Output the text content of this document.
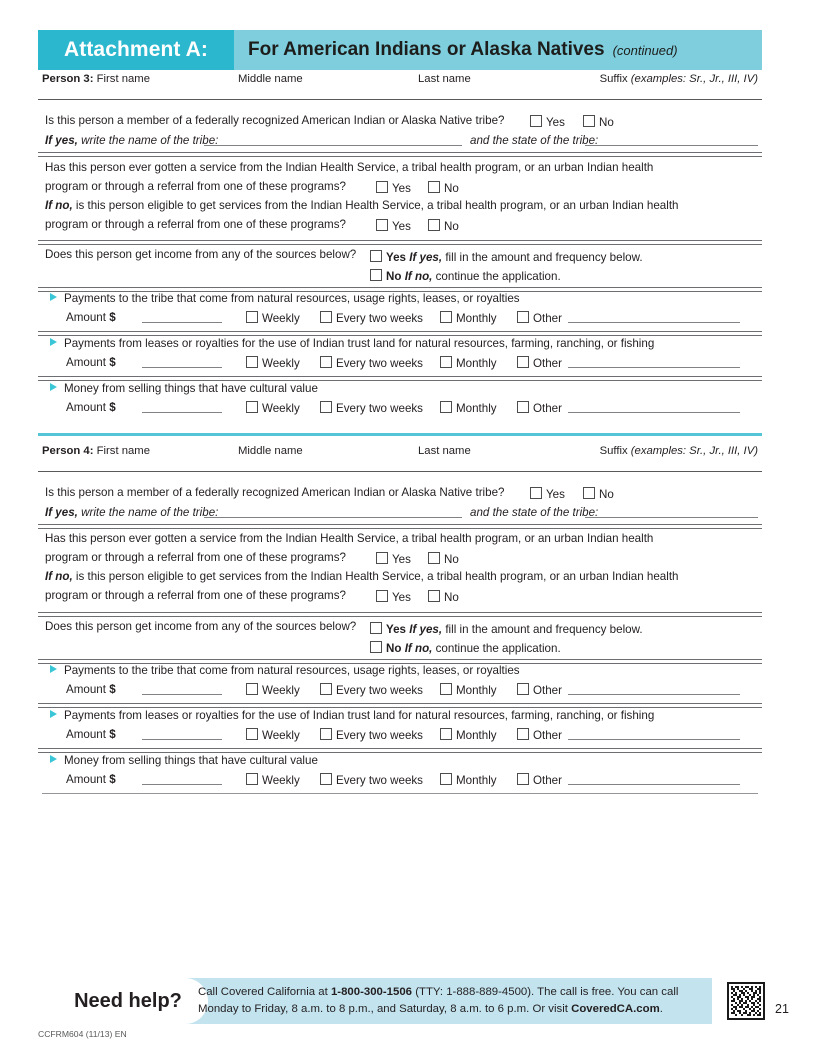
Attachment A: For American Indians or Alaska Natives (continued)
Person 3: First name	Middle name	Last name	Suffix (examples: Sr., Jr., III, IV)
Is this person a member of a federally recognized American Indian or Alaska Native tribe?	Yes	No
If yes, write the name of the tribe:	and the state of the tribe:
Has this person ever gotten a service from the Indian Health Service, a tribal health program, or an urban Indian health
program or through a referral from one of these programs?	Yes	No
If no, is this person eligible to get services from the Indian Health Service, a tribal health program, or an urban Indian health
program or through a referral from one of these programs?	Yes	No
Does this person get income from any of the sources below?	Yes If yes, fill in the amount and frequency below.
No If no, continue the application.
Payments to the tribe that come from natural resources, usage rights, leases, or royalties
Amount $	Weekly	Every two weeks	Monthly	Other
Payments from leases or royalties for the use of Indian trust land for natural resources, farming, ranching, or fishing
Amount $	Weekly	Every two weeks	Monthly	Other
Money from selling things that have cultural value
Amount $	Weekly	Every two weeks	Monthly	Other
Person 4: First name	Middle name	Last name	Suffix (examples: Sr., Jr., III, IV)
Is this person a member of a federally recognized American Indian or Alaska Native tribe?	Yes	No
If yes, write the name of the tribe:	and the state of the tribe:
Has this person ever gotten a service from the Indian Health Service, a tribal health program, or an urban Indian health
program or through a referral from one of these programs?	Yes	No
If no, is this person eligible to get services from the Indian Health Service, a tribal health program, or an urban Indian health
program or through a referral from one of these programs?	Yes	No
Does this person get income from any of the sources below?	Yes If yes, fill in the amount and frequency below.
No If no, continue the application.
Payments to the tribe that come from natural resources, usage rights, leases, or royalties
Amount $	Weekly	Every two weeks	Monthly	Other
Payments from leases or royalties for the use of Indian trust land for natural resources, farming, ranching, or fishing
Amount $	Weekly	Every two weeks	Monthly	Other
Money from selling things that have cultural value
Amount $	Weekly	Every two weeks	Monthly	Other
Need help? Call Covered California at 1-800-300-1506 (TTY: 1-888-889-4500). The call is free. You can call
Monday to Friday, 8 a.m. to 8 p.m., and Saturday, 8 a.m. to 6 p.m. Or visit CoveredCA.com.
CCFRM604 (11/13) EN
21
